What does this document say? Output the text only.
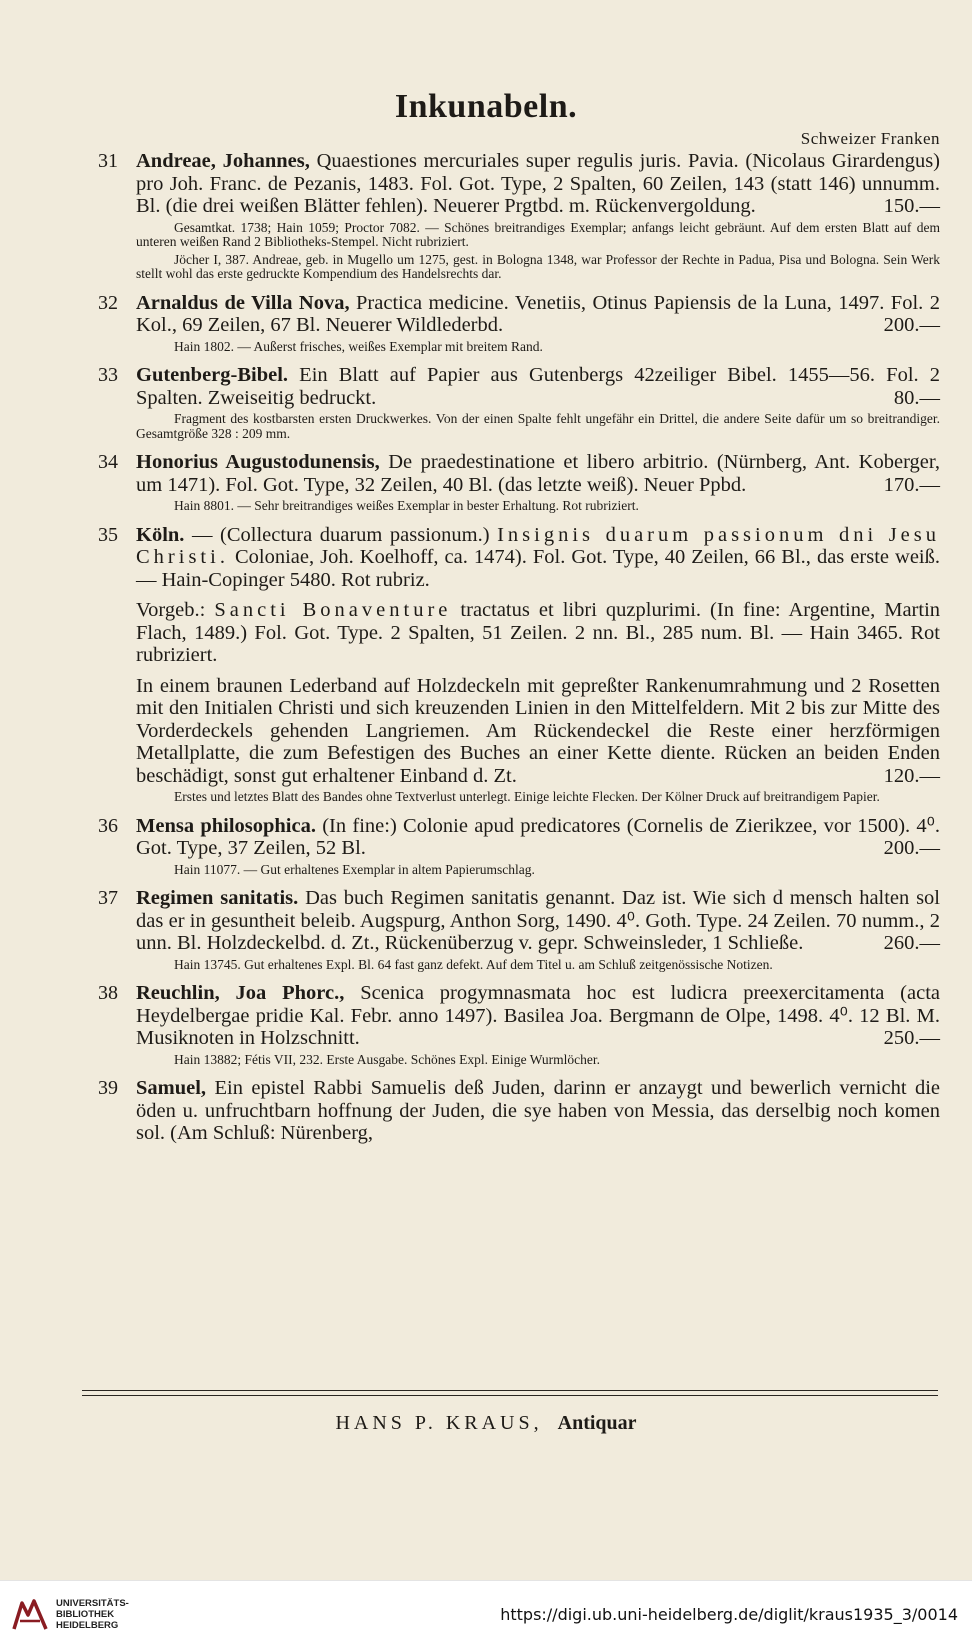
Inkunabeln.
Schweizer Franken
31 Andreae, Johannes, Quaestiones mercuriales super regulis juris. Pavia. (Nicolaus Girardengus) pro Joh. Franc. de Pezanis, 1483. Fol. Got. Type, 2 Spalten, 60 Zeilen, 143 (statt 146) unnumm. Bl. (die drei weißen Blätter fehlen). Neuerer Prgtbd. m. Rückenvergoldung.	150.—
Gesamtkat. 1738; Hain 1059; Proctor 7082. — Schönes breitrandiges Exemplar; anfangs leicht gebräunt. Auf dem ersten Blatt auf dem unteren weißen Rand 2 Bibliotheks-Stempel. Nicht rubriziert.
Jöcher I, 387. Andreae, geb. in Mugello um 1275, gest. in Bologna 1348, war Professor der Rechte in Padua, Pisa und Bologna. Sein Werk stellt wohl das erste gedruckte Kompendium des Handelsrechts dar.
32 Arnaldus de Villa Nova, Practica medicine. Venetiis, Otinus Papiensis de la Luna, 1497. Fol. 2 Kol., 69 Zeilen, 67 Bl. Neuerer Wildlederbd.	200.—
Hain 1802. — Außerst frisches, weißes Exemplar mit breitem Rand.
33 Gutenberg-Bibel. Ein Blatt auf Papier aus Gutenbergs 42zeiliger Bibel. 1455—56. Fol. 2 Spalten. Zweiseitig bedruckt.	80.—
Fragment des kostbarsten ersten Druckwerkes. Von der einen Spalte fehlt ungefähr ein Drittel, die andere Seite dafür um so breitrandiger. Gesamtgröße 328 : 209 mm.
34 Honorius Augustodunensis, De praedestinatione et libero arbitrio. (Nürnberg, Ant. Koberger, um 1471). Fol. Got. Type, 32 Zeilen, 40 Bl. (das letzte weiß). Neuer Ppbd.	170.—
Hain 8801. — Sehr breitrandiges weißes Exemplar in bester Erhaltung. Rot rubriziert.
35 Köln. — (Collectura duarum passionum.) Insignis duarum passionum dni Jesu Christi. Coloniae, Joh. Koelhoff, ca. 1474). Fol. Got. Type, 40 Zeilen, 66 Bl., das erste weiß. — Hain-Copinger 5480. Rot rubriz.
Vorgeb.: Sancti Bonaventure tractatus et libri quzplurimi. (In fine: Argentine, Martin Flach, 1489.) Fol. Got. Type. 2 Spalten, 51 Zeilen. 2 nn. Bl., 285 num. Bl. — Hain 3465. Rot rubriziert.
In einem braunen Lederband auf Holzdeckeln mit gepreßter Rankenumrahmung und 2 Rosetten mit den Initialen Christi und sich kreuzenden Linien in den Mittelfeldern. Mit 2 bis zur Mitte des Vorderdeckels gehenden Langriemen. Am Rückendeckel die Reste einer herzförmigen Metallplatte, die zum Befestigen des Buches an einer Kette diente. Rücken an beiden Enden beschädigt, sonst gut erhaltener Einband d. Zt.	120.—
Erstes und letztes Blatt des Bandes ohne Textverlust unterlegt. Einige leichte Flecken. Der Kölner Druck auf breitrandigem Papier.
36 Mensa philosophica. (In fine:) Colonie apud predicatores (Cornelis de Zierikzee, vor 1500). 4⁰. Got. Type, 37 Zeilen, 52 Bl.	200.—
Hain 11077. — Gut erhaltenes Exemplar in altem Papierumschlag.
37 Regimen sanitatis. Das buch Regimen sanitatis genannt. Daz ist. Wie sich d mensch halten sol das er in gesuntheit beleib. Augspurg, Anthon Sorg, 1490. 4⁰. Goth. Type. 24 Zeilen. 70 numm., 2 unn. Bl. Holzdeckelbd. d. Zt., Rückenüberzug v. gepr. Schweinsleder, 1 Schließe.	260.—
Hain 13745. Gut erhaltenes Expl. Bl. 64 fast ganz defekt. Auf dem Titel u. am Schluß zeitgenössische Notizen.
38 Reuchlin, Joa Phorc., Scenica progymnasmata hoc est ludicra preexercitamenta (acta Heydelbergae pridie Kal. Febr. anno 1497). Basilea Joa. Bergmann de Olpe, 1498. 4⁰. 12 Bl. M. Musiknoten in Holzschnitt.	250.—
Hain 13882; Fétis VII, 232. Erste Ausgabe. Schönes Expl. Einige Wurmlöcher.
39 Samuel, Ein epistel Rabbi Samuelis deß Juden, darinn er anzaygt und bewerlich vernicht die öden u. unfruchtbarn hoffnung der Juden, die sye haben von Messia, das derselbig noch komen sol. (Am Schluß: Nürenberg,
HANS P. KRAUS, Antiquar
UNIVERSITÄTS-
BIBLIOTHEK
HEIDELBERG
https://digi.ub.uni-heidelberg.de/diglit/kraus1935_3/0014
